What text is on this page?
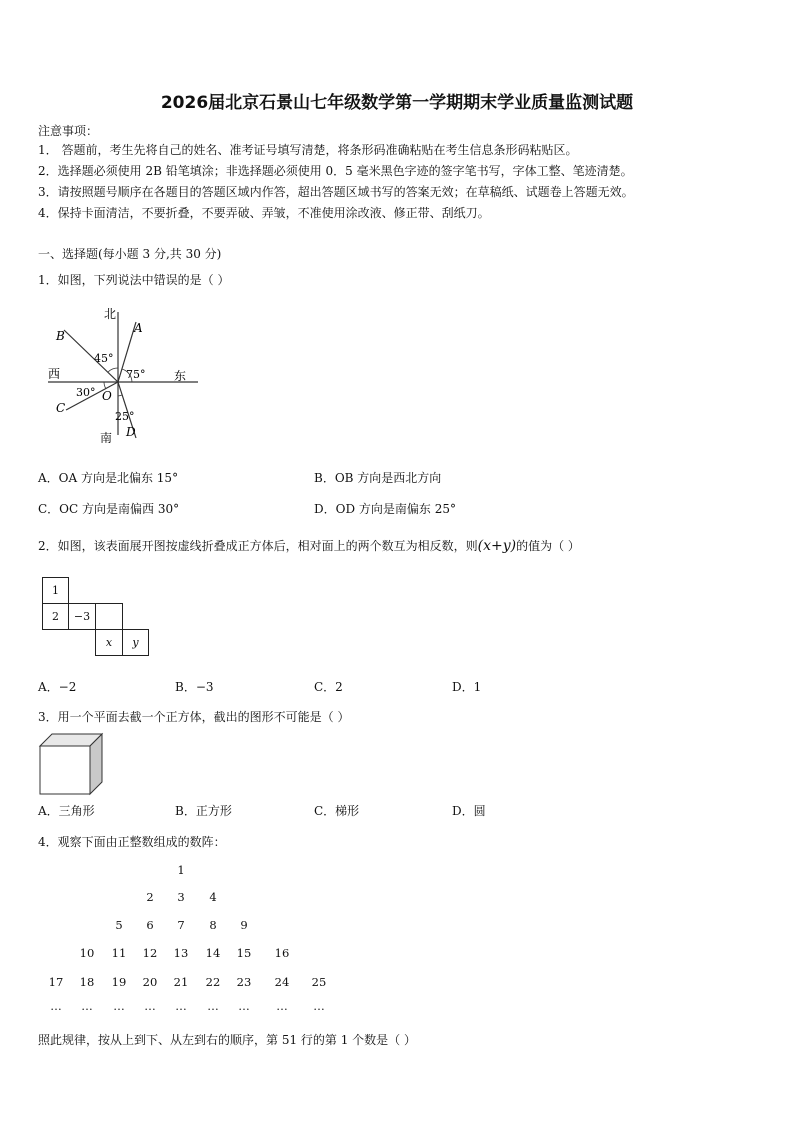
2026届北京石景山七年级数学第一学期期末学业质量监测试题
注意事项：
1． 答题前，考生先将自己的姓名、准考证号填写清楚，将条形码准确粘贴在考生信息条形码粘贴区。
2．选择题必须使用 2B 铅笔填涂；非选择题必须使用 0．5 毫米黑色字迹的签字笔书写，字体工整、笔迹清楚。
3．请按照题号顺序在各题目的答题区域内作答，超出答题区域书写的答案无效；在草稿纸、试题卷上答题无效。
4．保持卡面清洁，不要折叠，不要弄破、弄皱，不准使用涂改液、修正带、刮纸刀。
一、选择题(每小题 3 分,共 30 分)
1．如图，下列说法中错误的是（ ）
北
南
西	东
A
B
C
D
O
45°
75°
30°
25°
A．OA 方向是北偏东 15°	B．OB 方向是西北方向
C．OC 方向是南偏西 30°	D．OD 方向是南偏东 25°
2．如图，该表面展开图按虚线折叠成正方体后，相对面上的两个数互为相反数，则(x+y)的值为（ ）
1
2	−3
x	y
A．−2	B．−3	C．2	D．1
3．用一个平面去截一个正方体，截出的图形不可能是（ ）
A．三角形	B．正方形	C．梯形	D．圆
4．观察下面由正整数组成的数阵：
1
2	3	4
5	6	7	8	9
10 11 12 13 14 15 16
17 18 19 20 21 22 23 24 25
…	…	…	…	…	…	…	…	…
照此规律，按从上到下、从左到右的顺序，第 51 行的第 1 个数是（ ）
